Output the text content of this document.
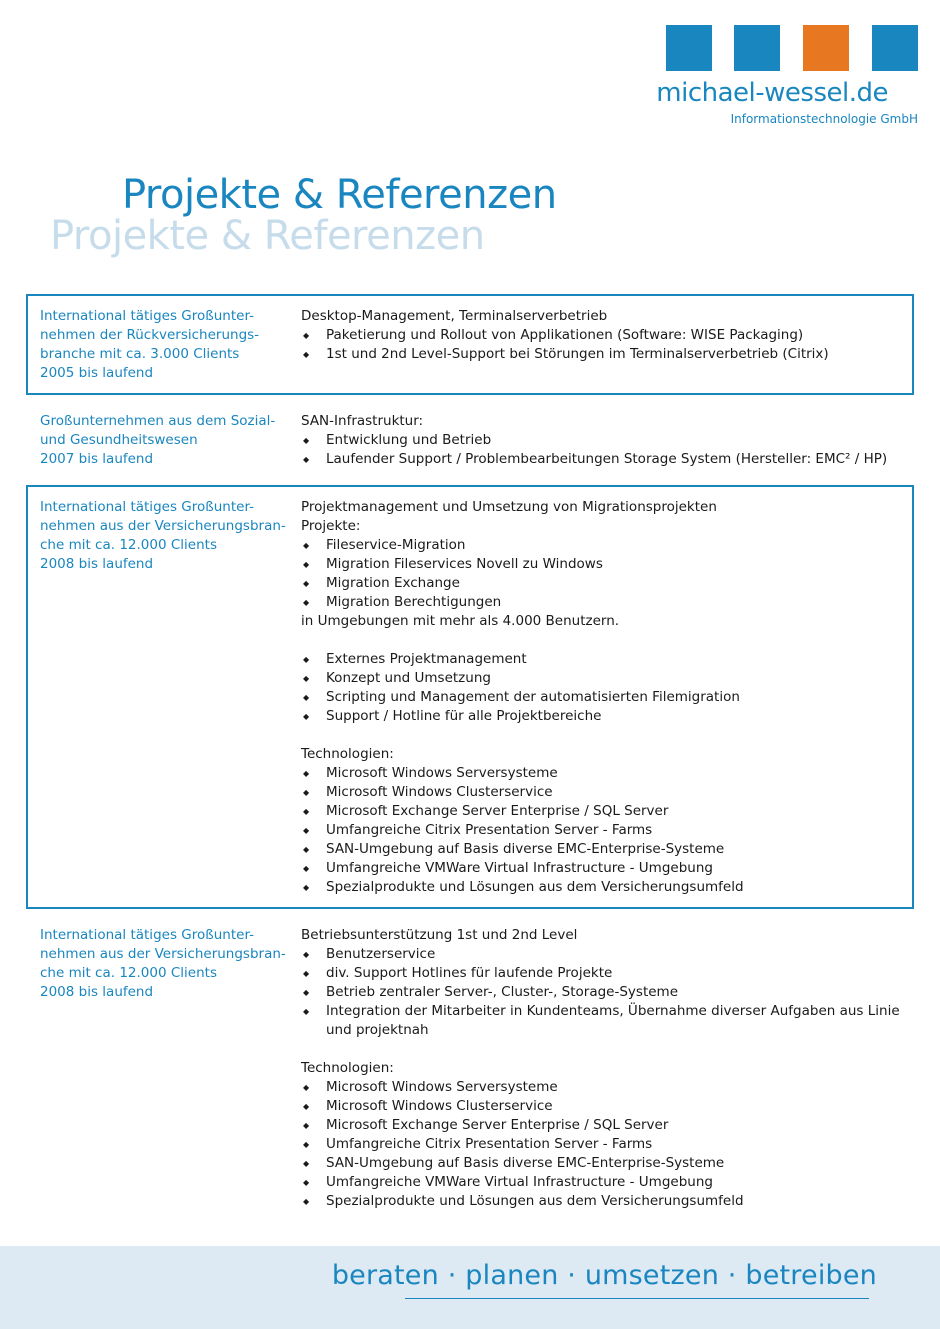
michael-wessel.de
Informationstechnologie GmbH
Projekte & Referenzen
Projekte & Referenzen
International tätiges Großunter-
nehmen der Rückversicherungs-
branche mit ca. 3.000 Clients
2005 bis laufend
Desktop-Management, Terminalserverbetrieb
◆ Paketierung und Rollout von Applikationen (Software: WISE Packaging)
◆ 1st und 2nd Level-Support bei Störungen im Terminalserverbetrieb (Citrix)
Großunternehmen aus dem Sozial-
und Gesundheitswesen
2007 bis laufend
SAN-Infrastruktur:
◆ Entwicklung und Betrieb
◆ Laufender Support / Problembearbeitungen Storage System (Hersteller: EMC² / HP)
International tätiges Großunter-
nehmen aus der Versicherungsbran-
che mit ca. 12.000 Clients
2008 bis laufend
Projektmanagement und Umsetzung von Migrationsprojekten
Projekte:
◆ Fileservice-Migration
◆ Migration Fileservices Novell zu Windows
◆ Migration Exchange
◆ Migration Berechtigungen
in Umgebungen mit mehr als 4.000 Benutzern.
◆ Externes Projektmanagement
◆ Konzept und Umsetzung
◆ Scripting und Management der automatisierten Filemigration
◆ Support / Hotline für alle Projektbereiche
Technologien:
◆ Microsoft Windows Serversysteme
◆ Microsoft Windows Clusterservice
◆ Microsoft Exchange Server Enterprise / SQL Server
◆ Umfangreiche Citrix Presentation Server - Farms
◆ SAN-Umgebung auf Basis diverse EMC-Enterprise-Systeme
◆ Umfangreiche VMWare Virtual Infrastructure - Umgebung
◆ Spezialprodukte und Lösungen aus dem Versicherungsumfeld
International tätiges Großunter-
nehmen aus der Versicherungsbran-
che mit ca. 12.000 Clients
2008 bis laufend
Betriebsunterstützung 1st und 2nd Level
◆ Benutzerservice
◆ div. Support Hotlines für laufende Projekte
◆ Betrieb zentraler Server-, Cluster-, Storage-Systeme
◆ Integration der Mitarbeiter in Kundenteams, Übernahme diverser Aufgaben aus Linie und projektnah
Technologien:
◆ Microsoft Windows Serversysteme
◆ Microsoft Windows Clusterservice
◆ Microsoft Exchange Server Enterprise / SQL Server
◆ Umfangreiche Citrix Presentation Server - Farms
◆ SAN-Umgebung auf Basis diverse EMC-Enterprise-Systeme
◆ Umfangreiche VMWare Virtual Infrastructure - Umgebung
◆ Spezialprodukte und Lösungen aus dem Versicherungsumfeld
beraten · planen · umsetzen · betreiben
